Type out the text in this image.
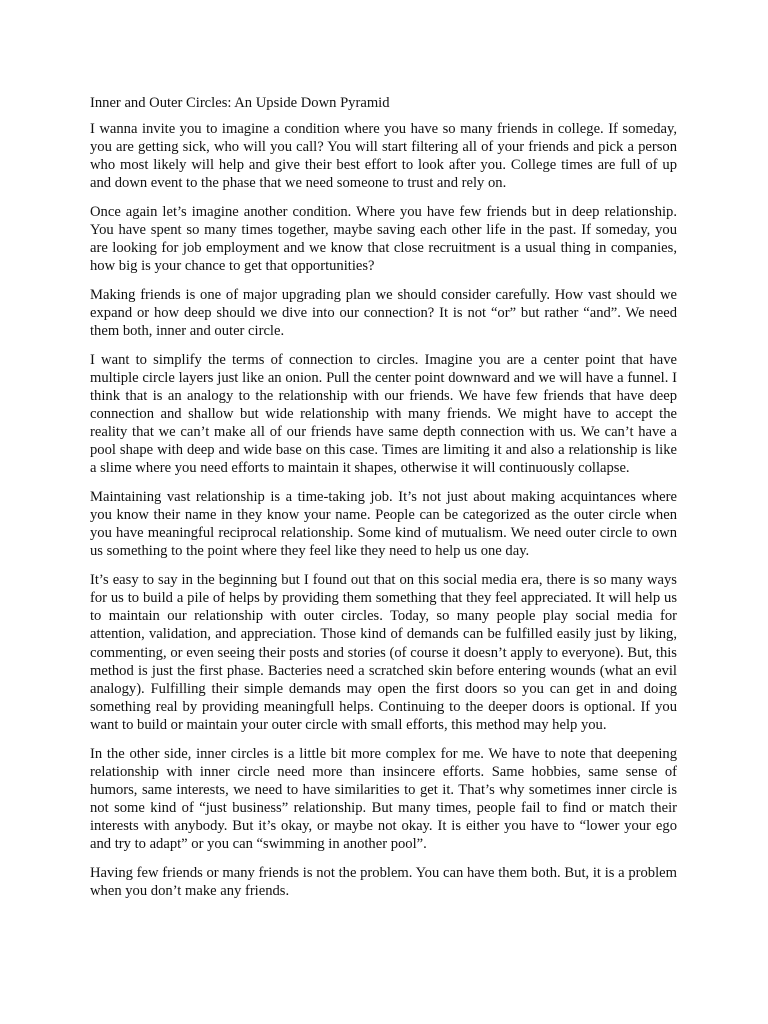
Inner and Outer Circles: An Upside Down Pyramid

I wanna invite you to imagine a condition where you have so many friends in college. If someday, you are getting sick, who will you call? You will start filtering all of your friends and pick a person who most likely will help and give their best effort to look after you. College times are full of up and down event to the phase that we need someone to trust and rely on.

Once again let’s imagine another condition. Where you have few friends but in deep relationship. You have spent so many times together, maybe saving each other life in the past. If someday, you are looking for job employment and we know that close recruitment is a usual thing in companies, how big is your chance to get that opportunities?

Making friends is one of major upgrading plan we should consider carefully. How vast should we expand or how deep should we dive into our connection? It is not “or” but rather “and”. We need them both, inner and outer circle.

I want to simplify the terms of connection to circles. Imagine you are a center point that have multiple circle layers just like an onion. Pull the center point downward and we will have a funnel. I think that is an analogy to the relationship with our friends. We have few friends that have deep connection and shallow but wide relationship with many friends. We might have to accept the reality that we can’t make all of our friends have same depth connection with us. We can’t have a pool shape with deep and wide base on this case. Times are limiting it and also a relationship is like a slime where you need efforts to maintain it shapes, otherwise it will continuously collapse.

Maintaining vast relationship is a time-taking job. It’s not just about making acquintances where you know their name in they know your name. People can be categorized as the outer circle when you have meaningful reciprocal relationship. Some kind of mutualism. We need outer circle to own us something to the point where they feel like they need to help us one day.

It’s easy to say in the beginning but I found out that on this social media era, there is so many ways for us to build a pile of helps by providing them something that they feel appreciated. It will help us to maintain our relationship with outer circles. Today, so many people play social media for attention, validation, and appreciation. Those kind of demands can be fulfilled easily just by liking, commenting, or even seeing their posts and stories (of course it doesn’t apply to everyone). But, this method is just the first phase. Bacteries need a scratched skin before entering wounds (what an evil analogy). Fulfilling their simple demands may open the first doors so you can get in and doing something real by providing meaningfull helps. Continuing to the deeper doors is optional. If you want to build or maintain your outer circle with small efforts, this method may help you.

In the other side, inner circles is a little bit more complex for me. We have to note that deepening relationship with inner circle need more than insincere efforts. Same hobbies, same sense of humors, same interests, we need to have similarities to get it. That’s why sometimes inner circle is not some kind of “just business” relationship. But many times, people fail to find or match their interests with anybody. But it’s okay, or maybe not okay. It is either you have to “lower your ego and try to adapt” or you can “swimming in another pool”.

Having few friends or many friends is not the problem. You can have them both. But, it is a problem when you don’t make any friends.
